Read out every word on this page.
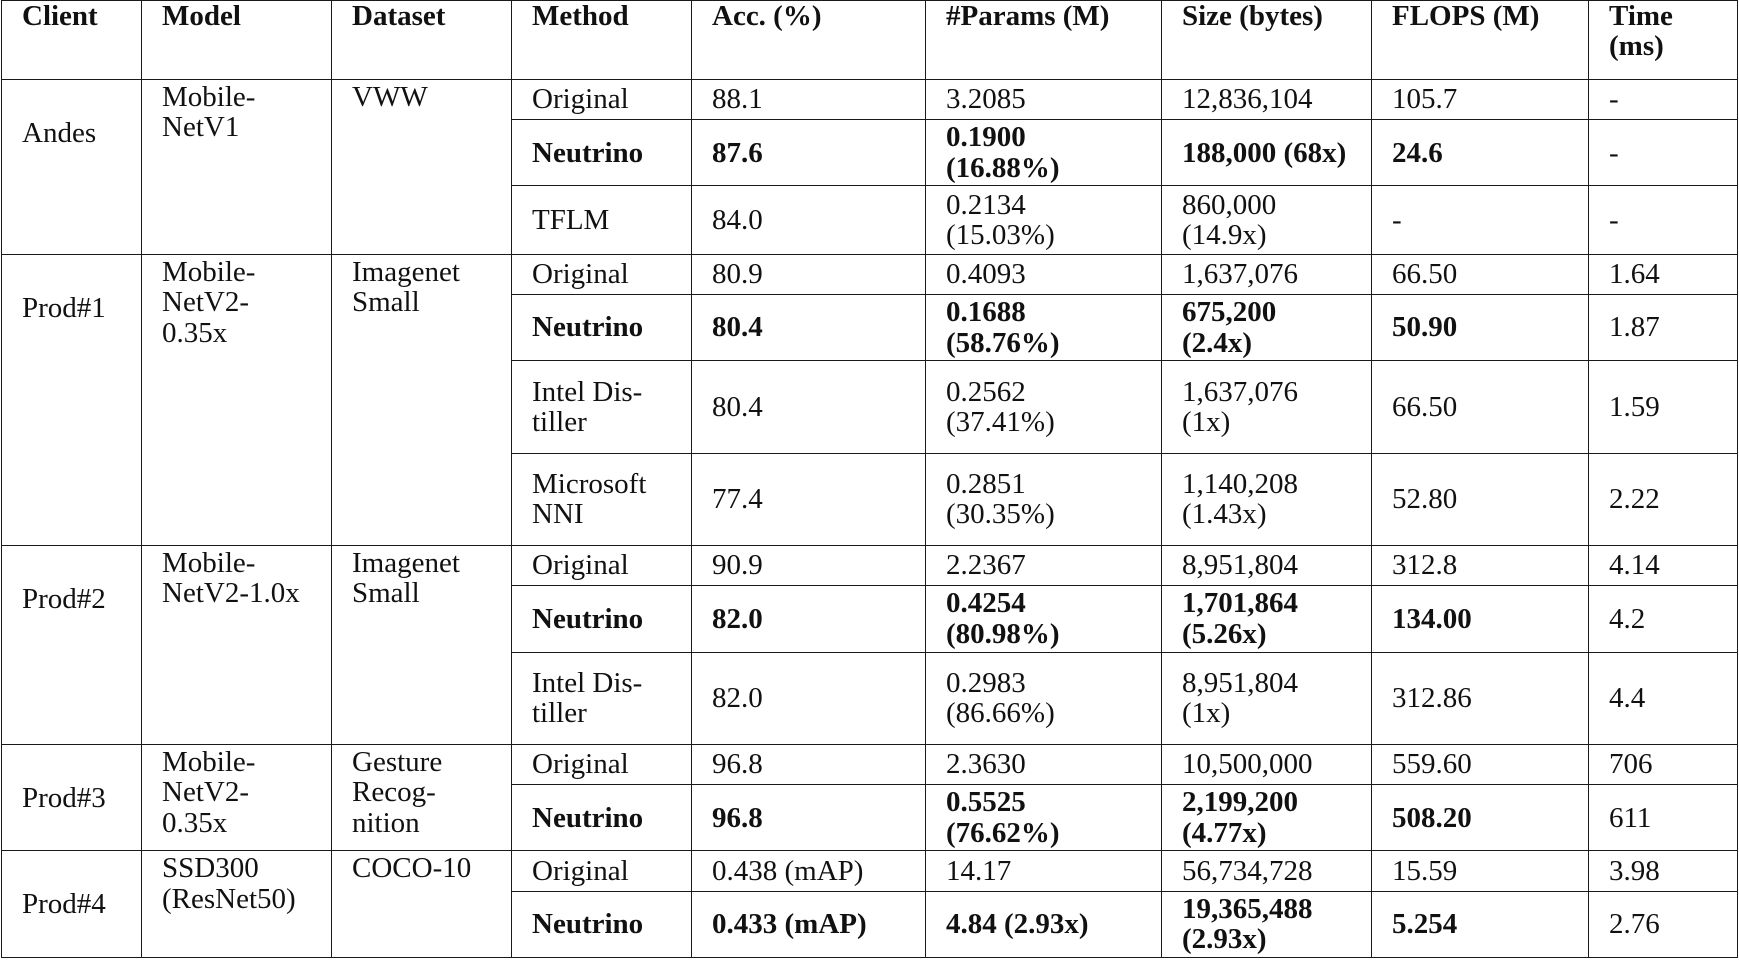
Client	Model	Dataset	Method	Acc. (%)	#Params (M)	Size (bytes)	FLOPS (M)	Time (ms)
Andes	Mobile-NetV1	VWW	Original	88.1	3.2085	12,836,104	105.7	-
			Neutrino	87.6	0.1900 (16.88%)	188,000 (68x)	24.6	-
			TFLM	84.0	0.2134 (15.03%)	860,000 (14.9x)	-	-
Prod#1	Mobile-NetV2-0.35x	Imagenet Small	Original	80.9	0.4093	1,637,076	66.50	1.64
			Neutrino	80.4	0.1688 (58.76%)	675,200 (2.4x)	50.90	1.87
			Intel Dis-tiller	80.4	0.2562 (37.41%)	1,637,076 (1x)	66.50	1.59
			Microsoft NNI	77.4	0.2851 (30.35%)	1,140,208 (1.43x)	52.80	2.22
Prod#2	Mobile-NetV2-1.0x	Imagenet Small	Original	90.9	2.2367	8,951,804	312.8	4.14
			Neutrino	82.0	0.4254 (80.98%)	1,701,864 (5.26x)	134.00	4.2
			Intel Dis-tiller	82.0	0.2983 (86.66%)	8,951,804 (1x)	312.86	4.4
Prod#3	Mobile-NetV2-0.35x	Gesture Recog-nition	Original	96.8	2.3630	10,500,000	559.60	706
			Neutrino	96.8	0.5525 (76.62%)	2,199,200 (4.77x)	508.20	611
Prod#4	SSD300 (ResNet50)	COCO-10	Original	0.438 (mAP)	14.17	56,734,728	15.59	3.98
			Neutrino	0.433 (mAP)	4.84 (2.93x)	19,365,488 (2.93x)	5.254	2.76
